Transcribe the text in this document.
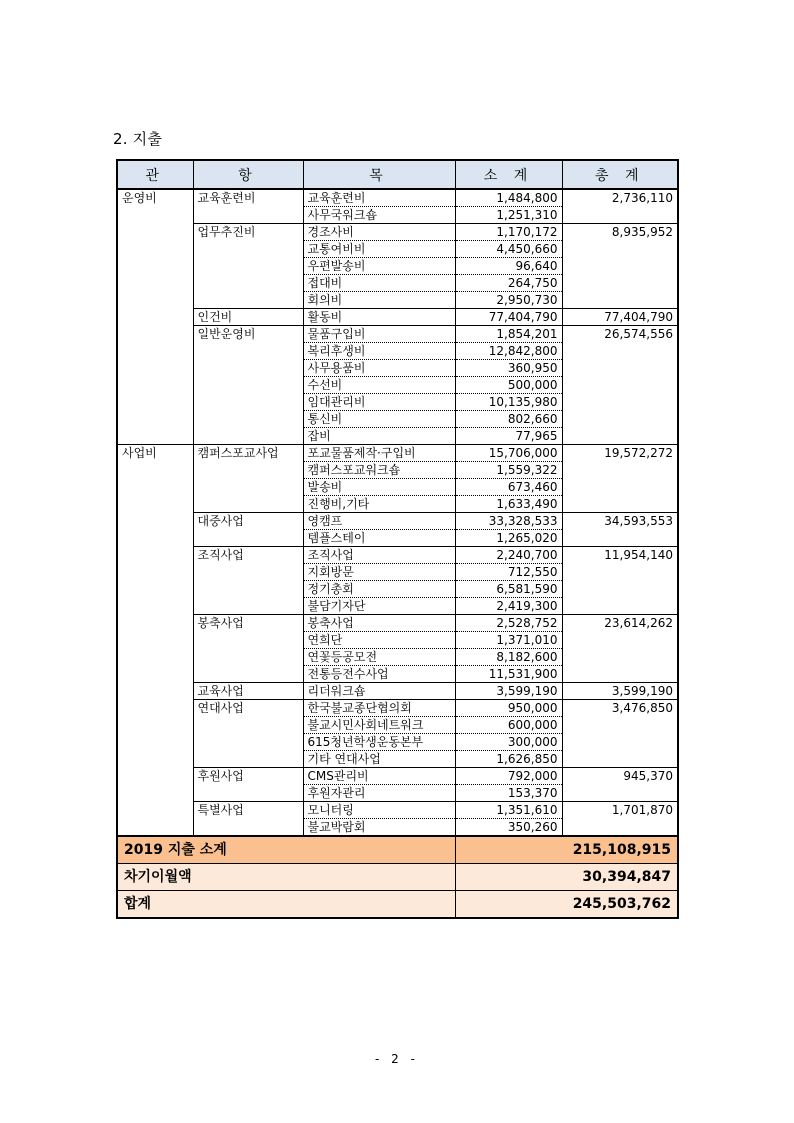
2. 지출
관	항	목	소 계	총 계
운영비	교육훈련비	교육훈련비	1,484,800	2,736,110
		사무국워크숍	1,251,310	
	업무추진비	경조사비	1,170,172	8,935,952
		교통여비비	4,450,660	
		우편발송비	96,640	
		접대비	264,750	
		회의비	2,950,730	
	인건비	활동비	77,404,790	77,404,790
	일반운영비	물품구입비	1,854,201	26,574,556
		복리후생비	12,842,800	
		사무용품비	360,950	
		수선비	500,000	
		임대관리비	10,135,980	
		통신비	802,660	
		잡비	77,965	
사업비	캠퍼스포교사업	포교물품제작·구입비	15,706,000	19,572,272
		캠퍼스포교워크숍	1,559,322	
		발송비	673,460	
		진행비,기타	1,633,490	
	대중사업	영캠프	33,328,533	34,593,553
		템플스테이	1,265,020	
	조직사업	조직사업	2,240,700	11,954,140
		지회방문	712,550	
		정기총회	6,581,590	
		불담기자단	2,419,300	
	봉축사업	봉축사업	2,528,752	23,614,262
		연희단	1,371,010	
		연꽃등공모전	8,182,600	
		전통등전수사업	11,531,900	
	교육사업	리더워크숍	3,599,190	3,599,190
	연대사업	한국불교종단협의회	950,000	3,476,850
		불교시민사회네트워크	600,000	
		615청년학생운동본부	300,000	
		기타 연대사업	1,626,850	
	후원사업	CMS관리비	792,000	945,370
		후원자관리	153,370	
	특별사업	모니터링	1,351,610	1,701,870
		불교박람회	350,260	
2019 지출 소계			215,108,915	
차기이월액			30,394,847	
합계			245,503,762	
- 2 -
